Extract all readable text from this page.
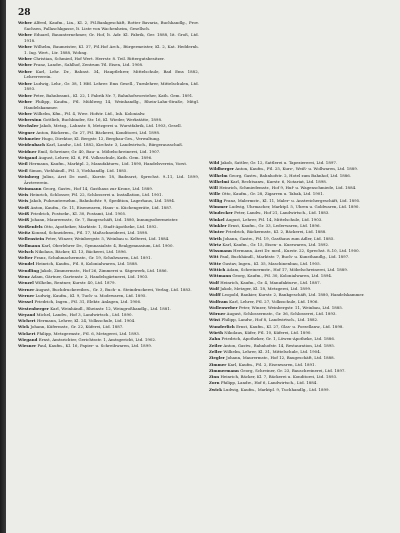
28
Weber Alfred, Kaufm., Lin., Kl. 2, Ftl.Bankgeschäft, Rotter Bavaria, Buchhandlg., Prov. Sachsen, Pallaschkgasse, lt. Liste von Wachenheim, Gesellsch.
Weber Eduard, Bauunternehmer, Gr. Hof, lt. Adr. Kl. Fabrik, Ger. 1888, lit. Groß, Ltd. 1918.
Weber Wilhelm, Baumeister, Kl. 37, Ftl.Hof Arch., Bürgermeister, Kl. 2, Kat. Heddernh. 1. Ing. Wert., Ltr. 1888, Wohng.
Weber Christian, Schmied, Hof Wert. Herrstr. 8. Teil. Rittergutsbesitzer.
Weber Franz, Landw., Sahlhof, Zentrum Ttl. Eisen, Ltd. 1908.
Weber Karl, Lehr. Dr., Bahnst. 34, Hauptlehrer, Mittelschule, Bad Ems 1882, Lehrerverein.
Weber Ludwig, Lehr., Gr. 38, 1 Hfd. Lehrer. Ems Gesell., Turnlehrer, Mittelschulen, Ltd. 1893.
Weber Peter, Bahnbeamt., Kl. 22, 1 Fabrik Nr. 7, Bahnhofsvorsteher, Kath. Gem. 1891.
Weber Philipp, Kaufm., Ftl. Mühlweg 14, Weinhandlg., Rhein-Lahn-Straße, Mitgl. Handelskammer.
Weber Wilhelm, Kfm., Ftl. 4, Wwe. Hofstr. Ltd., Inh. Kolonialw.
Webersinn Gottlieb, Buchbinder, Str. 16, Kl. Wieder, Werkstätte, 1898.
Wechsler Jakob, Metzg., Lahnstr. 8, Metzgerei u. Wurstfabrik, Ltd. 1903, Gesell.
Wegner Anton, Bäckerm., Gr. 27, Ftl. Bäckerei, Konditorei, Ltd. 1898.
Wehmeier Hugo, Direktor, Kl. Bergstr. 12, Bergbau-Ges., Verwaltung.
Weidenbach Karl, Landw., Ltd. 1882, Kirchstr. 3, Landwirtsch., Bürgerausschuß.
Weidner Emil, Schreiner, Gr. 40, Bau- u. Möbelschreinerei, Ltd. 1907.
Weigand August, Lehrer, Kl. 6, Ftl. Volksschule, Kath. Gem. 1896.
Weil Hermann, Kaufm., Marktpl. 2, Manufakturw., Ltd. 1890, Handelsverein, Vorst.
Weil Simon, Viehhändl., Ftl. 3, Viehhandlg. Ltd. 1885.
Weinberg Julius, Arzt Dr. med., Kurstr. 18, Badearzt, Sprechst. 9–11, Ltd. 1899, Ärzteverein.
Weinmann Georg, Gastw., Hof 14, Gasthaus zur Krone, Ltd. 1889.
Weis Heinrich, Schlosser, Ftl. 22, Schlosserei u. Installation, Ltd. 1901.
Weis Jakob, Fuhrunternehm., Bahnhofstr. 9, Spedition, Lagerhaus, Ltd. 1894.
Weiß Anton, Kaufm., Gr. 11, Eisenwaren, Haus- u. Küchengeräte, Ltd. 1887.
Weiß Friedrich, Postsekr., Kl. 30, Postamt, Ltd. 1905.
Weiß Johann, Maurermstr., Gr. 7, Baugeschäft, Ltd. 1880, Innungsobermeister.
Weißenfels Otto, Apotheker, Marktstr. 1, Stadt-Apotheke, Ltd. 1892.
Weitz Konrad, Schneiderm., Ftl. 17, Maßschneiderei, Ltd. 1898.
Wellenstein Peter, Winzer, Weinbergstr. 5, Weinbau u. Kelterei, Ltd. 1884.
Wellmann Karl, Oberlehrer Dr., Gymnasialstr. 4, Realgymnasium, Ltd. 1900.
Welsch Nikolaus, Bäcker, Kl. 13, Bäckerei, Ltd. 1896.
Welter Franz, Schuhmachermstr., Gr. 19, Schuhwaren, Ltd. 1891.
Wendel Heinrich, Kaufm., Ftl. 8, Kolonialwaren, Ltd. 1888.
Wendling Jakob, Zimmermstr., Hof 26, Zimmerei u. Sägewerk, Ltd. 1886.
Wenz Adam, Gärtner, Gartenstr. 2, Handelsgärtnerei, Ltd. 1903.
Wenzel Wilhelm, Rentner, Kurstr. 40, Ltd. 1879.
Werner August, Buchdruckereibes., Gr. 3, Buch- u. Steindruckerei, Verlag, Ltd. 1883.
Werner Ludwig, Kaufm., Kl. 9, Tuch- u. Modewaren, Ltd. 1895.
Wessel Friedrich, Ingen., Ftl. 31, Elektr. Anlagen, Ltd. 1906.
Westenberger Karl, Weinhändl., Rheinstr. 12, Weingroßhandlg., Ltd. 1881.
Weyand Michel, Landw., Hof 3, Landwirtsch., Ltd. 1890.
Wichert Hermann, Lehrer, Kl. 24, Volksschule, Ltd. 1904.
Wick Johann, Küfermstr., Gr. 22, Küferei, Ltd. 1887.
Wickert Philipp, Metzgermstr., Ftl. 6, Metzgerei, Ltd. 1893.
Wiegand Ernst, Amtsrichter, Gerichtsstr. 1, Amtsgericht, Ltd. 1902.
Wiesner Paul, Kaufm., Kl. 16, Papier- u. Schreibwaren, Ltd. 1899.
Wild Jakob, Sattler, Gr. 12, Sattlerei u. Tapeziererei, Ltd. 1897.
Wildberger Anton, Kaufm., Ftl. 25, Kurz-, Weiß- u. Wollwaren, Ltd. 1889.
Wilhelm Georg, Gastw., Bahnhofstr. 2, Hotel zum Bahnhof, Ltd. 1886.
Wilhelmi Karl, Rechtsanw., Kurstr. 6, Notariat, Ltd. 1898.
Will Heinrich, Schmiedemstr., Hof 9, Huf- u. Wagenschmiede, Ltd. 1884.
Wille Otto, Kaufm., Gr. 28, Zigarren u. Tabak, Ltd. 1901.
Willig Franz, Malermstr., Kl. 11, Maler- u. Anstreichergeschäft, Ltd. 1895.
Wimmer Ludwig, Uhrmacher, Marktpl. 5, Uhren u. Goldwaren, Ltd. 1890.
Windecker Peter, Landw., Hof 21, Landwirtsch., Ltd. 1883.
Winkel August, Lehrer, Ftl. 14, Mittelschule, Ltd. 1903.
Winkler Ernst, Kaufm., Gr. 33, Lederwaren, Ltd. 1896.
Winter Friedrich, Bäckermstr., Kl. 2, Bäckerei, Ltd. 1888.
Wirth Johann, Gastw., Ftl. 19, Gasthaus zum Adler, Ltd. 1885.
Wirtz Karl, Kaufm., Gr. 15, Eisen- u. Kurzwaren, Ltd. 1892.
Wissmann Hermann, Arzt Dr. med., Kurstr. 22, Sprechst. 8–10, Ltd. 1900.
Witt Paul, Buchhändl., Marktstr. 7, Buch- u. Kunsthandlg., Ltd. 1897.
Witte Gustav, Ingen., Kl. 35, Maschinenbau, Ltd. 1905.
Wittich Adam, Schreinermstr., Hof 17, Möbelschreinerei, Ltd. 1889.
Wittmann Georg, Kaufm., Ftl. 30, Kolonialwaren, Ltd. 1894.
Wolf Heinrich, Kaufm., Gr. 4, Manufakturw., Ltd. 1887.
Wolf Jakob, Metzger, Kl. 18, Metzgerei, Ltd. 1899.
Wolff Leopold, Bankier, Kurstr. 2, Bankgeschäft, Ltd. 1880, Handelskammer.
Wolfram Karl, Lehrer, Ftl. 27, Volksschule, Ltd. 1906.
Wollenweber Peter, Winzer, Weinbergstr. 11, Weinbau, Ltd. 1885.
Wörner August, Schlossermstr., Gr. 36, Schlosserei, Ltd. 1893.
Wüst Philipp, Landw., Hof 8, Landwirtsch., Ltd. 1882.
Wunderlich Ernst, Kaufm., Kl. 27, Glas- u. Porzellanw., Ltd. 1898.
Würth Nikolaus, Küfer, Ftl. 10, Küferei, Ltd. 1890.
Zahn Friedrich, Apotheker, Gr. 1, Löwen-Apotheke, Ltd. 1886.
Zeiler Anton, Gastw., Bahnhofstr. 14, Restauration, Ltd. 1895.
Zeller Wilhelm, Lehrer, Kl. 31, Mittelschule, Ltd. 1904.
Ziegler Johann, Maurermstr., Hof 12, Baugeschäft, Ltd. 1888.
Zimmer Karl, Kaufm., Ftl. 2, Eisenwaren, Ltd. 1891.
Zimmermann Georg, Schreiner, Gr. 23, Bauschreinerei, Ltd. 1897.
Zinn Heinrich, Bäcker, Kl. 7, Bäckerei u. Konditorei, Ltd. 1893.
Zorn Philipp, Landw., Hof 6, Landwirtsch., Ltd. 1884.
Zwick Ludwig, Kaufm., Marktpl. 9, Tuchhandlg., Ltd. 1899.
